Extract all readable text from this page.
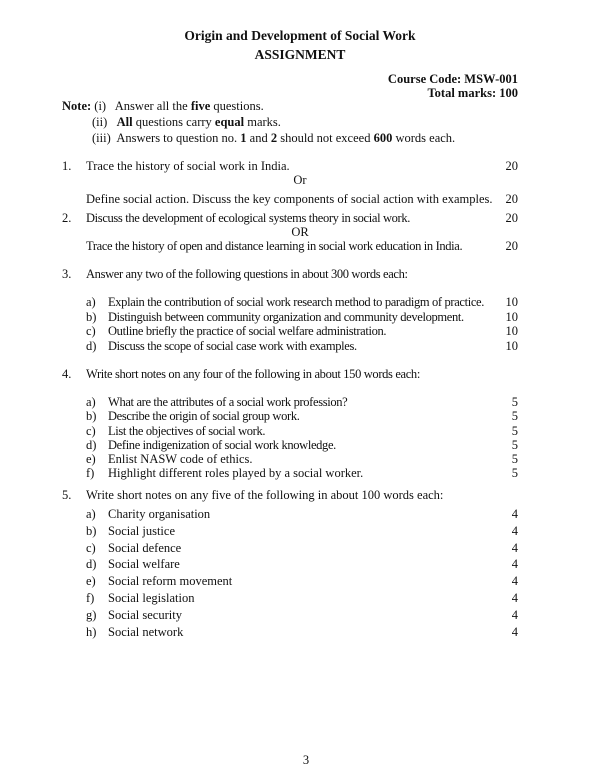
Origin and Development of Social Work
ASSIGNMENT
Course Code: MSW-001
Total marks: 100
Note: (i) Answer all the five questions.
(ii) All questions carry equal marks.
(iii) Answers to question no. 1 and 2 should not exceed 600 words each.
1. Trace the history of social work in India.	20
Or
Define social action. Discuss the key components of social action with examples.	20
2. Discuss the development of ecological systems theory in social work.	20
OR
Trace the history of open and distance learning in social work education in India.	20
3. Answer any two of the following questions in about 300 words each:
a) Explain the contribution of social work research method to paradigm of practice.	10
b) Distinguish between community organization and community development.	10
c) Outline briefly the practice of social welfare administration.	10
d) Discuss the scope of social case work with examples.	10
4. Write short notes on any four of the following in about 150 words each:
a) What are the attributes of a social work profession?	5
b) Describe the origin of social group work.	5
c) List the objectives of social work.	5
d) Define indigenization of social work knowledge.	5
e) Enlist NASW code of ethics.	5
f) Highlight different roles played by a social worker.	5
5. Write short notes on any five of the following in about 100 words each:
a) Charity organisation	4
b) Social justice	4
c) Social defence	4
d) Social welfare	4
e) Social reform movement	4
f) Social legislation	4
g) Social security	4
h) Social network	4
3
